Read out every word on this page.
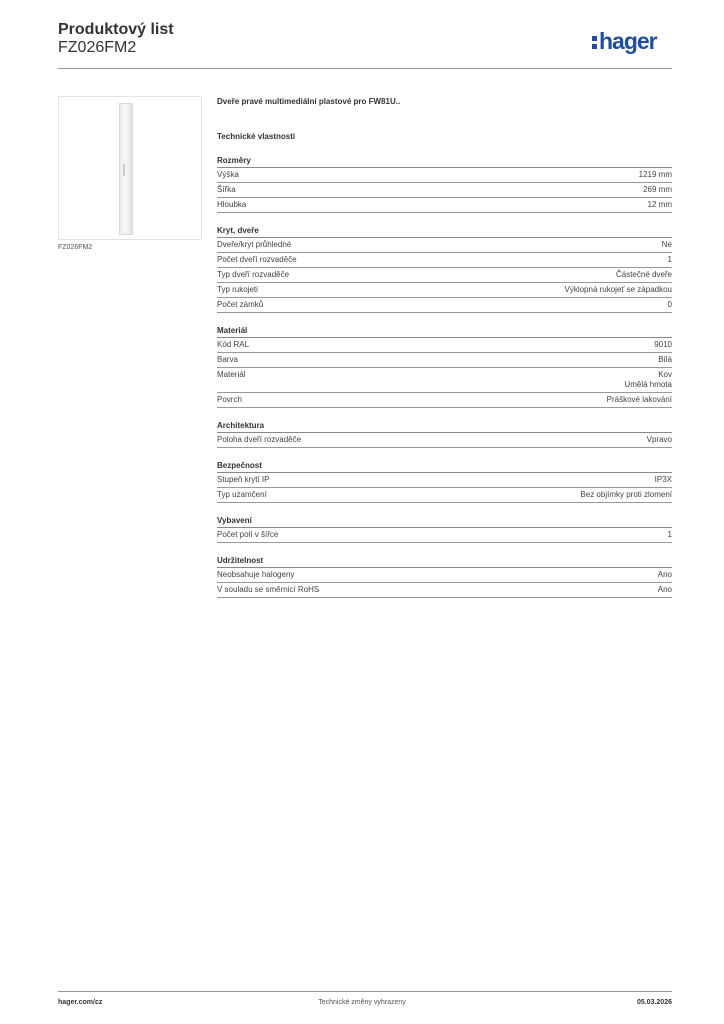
Produktový list
FZ026FM2	hager
FZ026FM2
Dveře pravé multimediální plastové pro FW81U..
Technické vlastnosti
Rozměry
Výška	1219 mm
Šířka	269 mm
Hloubka	12 mm
Kryt, dveře
Dveře/kryt průhledné	Ne
Počet dveří rozvaděče	1
Typ dveří rozvaděče	Částečné dveře
Typ rukojeti	Výklopná rukojeť se západkou
Počet zámků	0
Materiál
Kód RAL	9010
Barva	Bílá
Materiál	Kov
Umělá hmota
Povrch	Práškové lakování
Architektura
Poloha dveří rozvaděče	Vpravo
Bezpečnost
Stupeň krytí IP	IP3X
Typ uzamčení	Bez objímky proti zlomení
Vybavení
Počet polí v šířce	1
Udržitelnost
Neobsahuje halogeny	Ano
V souladu se směrnicí RoHS	Ano
hager.com/cz	Technické změny vyhrazeny	05.03.2026
